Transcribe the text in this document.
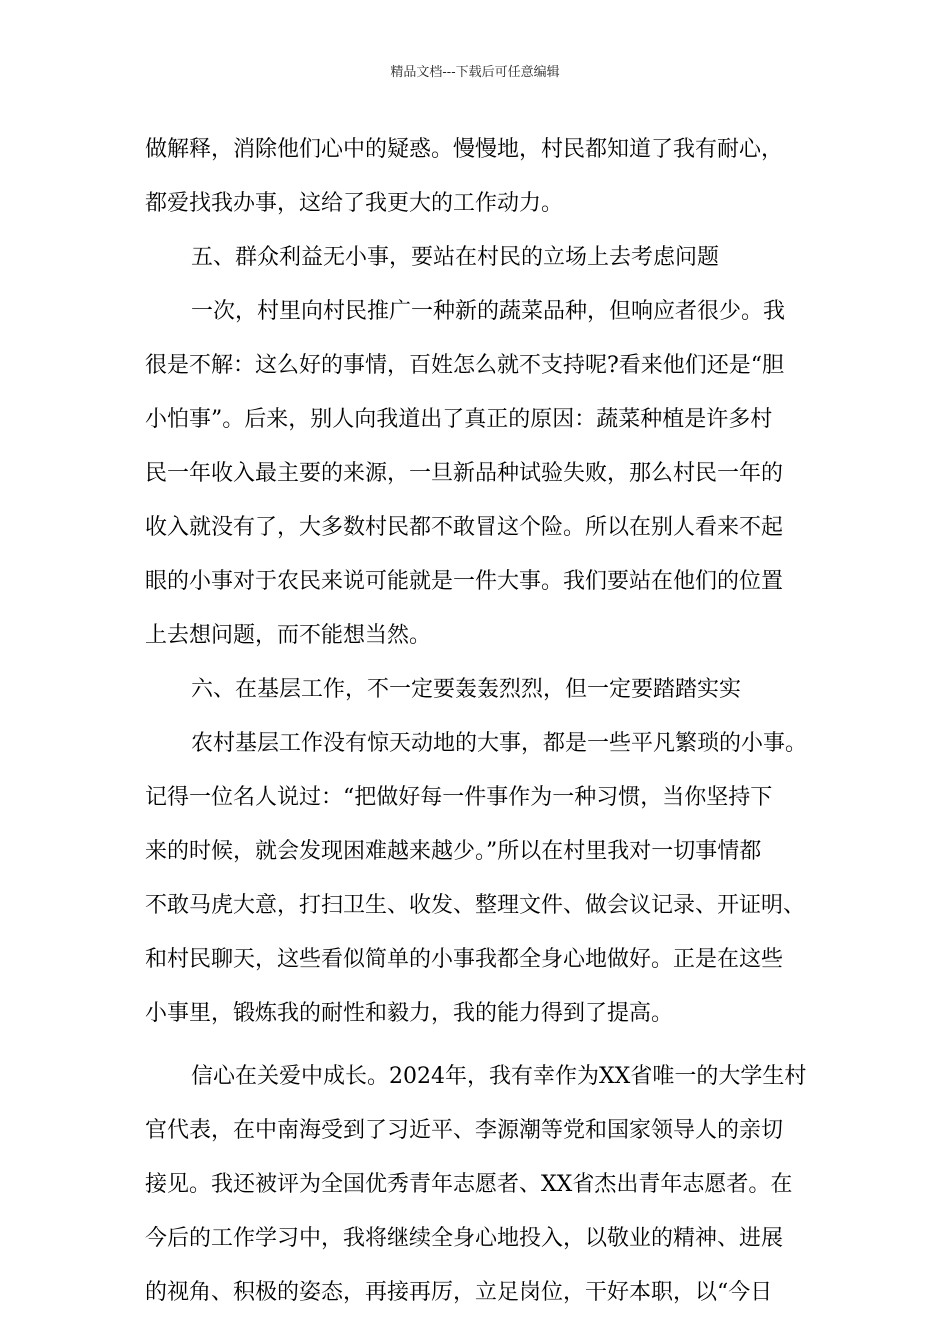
精品文档---下载后可任意编辑
做解释，消除他们心中的疑惑。慢慢地，村民都知道了我有耐心，
都爱找我办事，这给了我更大的工作动力。
五、群众利益无小事，要站在村民的立场上去考虑问题
一次，村里向村民推广一种新的蔬菜品种，但响应者很少。我
很是不解：这么好的事情，百姓怎么就不支持呢?看来他们还是“胆
小怕事”。后来，别人向我道出了真正的原因：蔬菜种植是许多村
民一年收入最主要的来源，一旦新品种试验失败，那么村民一年的
收入就没有了，大多数村民都不敢冒这个险。所以在别人看来不起
眼的小事对于农民来说可能就是一件大事。我们要站在他们的位置
上去想问题，而不能想当然。
六、在基层工作，不一定要轰轰烈烈，但一定要踏踏实实
农村基层工作没有惊天动地的大事，都是一些平凡繁琐的小事。
记得一位名人说过：“把做好每一件事作为一种习惯，当你坚持下
来的时候，就会发现困难越来越少。”所以在村里我对一切事情都
不敢马虎大意，打扫卫生、收发、整理文件、做会议记录、开证明、
和村民聊天，这些看似简单的小事我都全身心地做好。正是在这些
小事里，锻炼我的耐性和毅力，我的能力得到了提高。
信心在关爱中成长。2024年，我有幸作为XX省唯一的大学生村
官代表，在中南海受到了习近平、李源潮等党和国家领导人的亲切
接见。我还被评为全国优秀青年志愿者、XX省杰出青年志愿者。在
今后的工作学习中，我将继续全身心地投入，以敬业的精神、进展
的视角、积极的姿态，再接再厉，立足岗位，干好本职，以“今日
